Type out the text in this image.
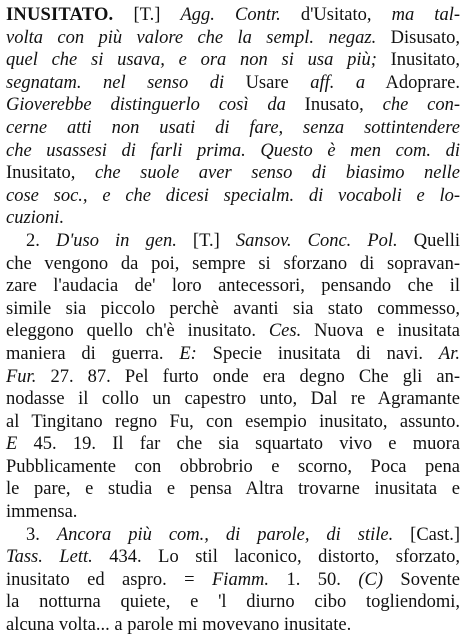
INUSITATO. [T.] Agg. Contr. d'Usitato, ma tal-
volta con più valore che la sempl. negaz. Disusato,
quel che si usava, e ora non si usa più; Inusitato,
segnatam. nel senso di Usare aff. a Adoprare.
Gioverebbe distinguerlo così da Inusato, che con-
cerne atti non usati di fare, senza sottintendere
che usassesi di farli prima. Questo è men com. di
Inusitato, che suole aver senso di biasimo nelle
cose soc., e che dicesi specialm. di vocaboli e lo-
cuzioni.
2. D'uso in gen. [T.] Sansov. Conc. Pol. Quelli
che vengono da poi, sempre si sforzano di sopravan-
zare l'audacia de' loro antecessori, pensando che il
simile sia piccolo perchè avanti sia stato commesso,
eleggono quello ch'è inusitato. Ces. Nuova e inusitata
maniera di guerra. E: Specie inusitata di navi. Ar.
Fur. 27. 87. Pel furto onde era degno Che gli an-
nodasse il collo un capestro unto, Dal re Agramante
al Tingitano regno Fu, con esempio inusitato, assunto.
E 45. 19. Il far che sia squartato vivo e muora
Pubblicamente con obbrobrio e scorno, Poca pena
le pare, e studia e pensa Altra trovarne inusitata e
immensa.
3. Ancora più com., di parole, di stile. [Cast.]
Tass. Lett. 434. Lo stil laconico, distorto, sforzato,
inusitato ed aspro. = Fiamm. 1. 50. (C) Sovente
la notturna quiete, e 'l diurno cibo togliendomi,
alcuna volta... a parole mi movevano inusitate.
